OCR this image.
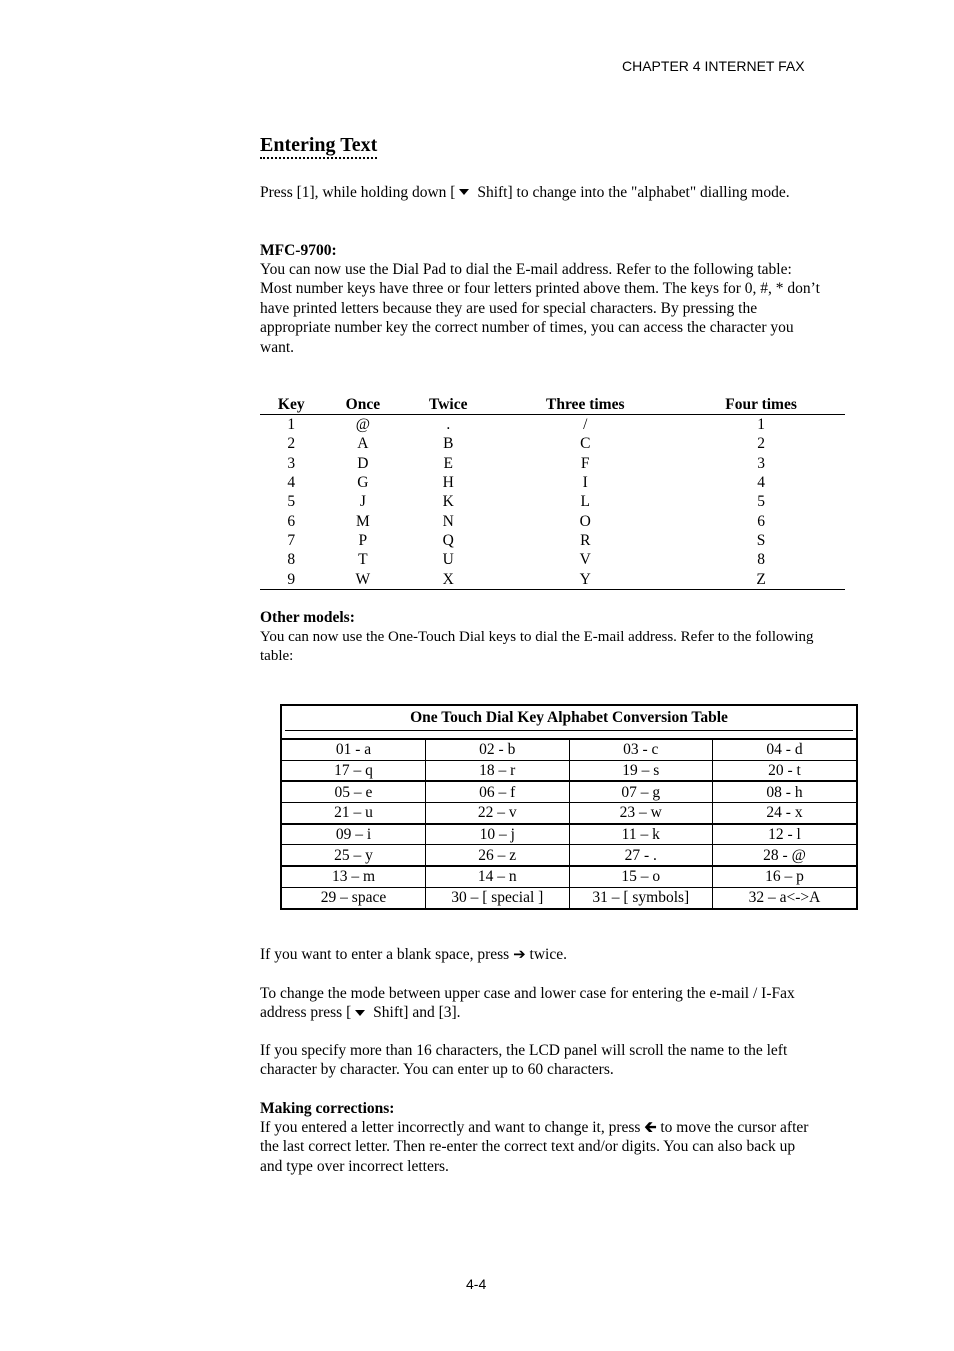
CHAPTER 4 INTERNET FAX
Entering Text

Press [1], while holding down [ Shift] to change into the "alphabet" dialling mode.

MFC-9700:

You can now use the Dial Pad to dial the E-mail address. Refer to the following table: Most number keys have three or four letters printed above them. The keys for 0, #, * don’t have printed letters because they are used for special characters. By pressing the appropriate number key the correct number of times, you can access the character you want.

Key	Once	Twice	Three times	Four times
1	@	.	/	1
2	A	B	C	2
3	D	E	F	3
4	G	H	I	4
5	J	K	L	5
6	M	N	O	6
7	P	Q	R	S
8	T	U	V	8
9	W	X	Y	Z

Other models:

You can now use the One-Touch Dial keys to dial the E-mail address. Refer to the following table:

One Touch Dial Key Alphabet Conversion Table
01 - a	02 - b	03 - c	04 - d
17 – q	18 – r	19 – s	20 - t
05 – e	06 – f	07 – g	08 - h
21 – u	22 – v	23 – w	24 - x
09 – i	10 – j	11 – k	12 - l
25 – y	26 – z	27 - .	28 - @
13 – m	14 – n	15 – o	16 – p
29 – space	30 – [ special ]	31 – [ symbols]	32 – a<->A

If you want to enter a blank space, press ➔ twice.

To change the mode between upper case and lower case for entering the e-mail / I-Fax address press [ Shift] and [3].

If you specify more than 16 characters, the LCD panel will scroll the name to the left character by character. You can enter up to 60 characters.

Making corrections:

If you entered a letter incorrectly and want to change it, press 🡰 to move the cursor after the last correct letter. Then re-enter the correct text and/or digits. You can also back up and type over incorrect letters.

4-4
